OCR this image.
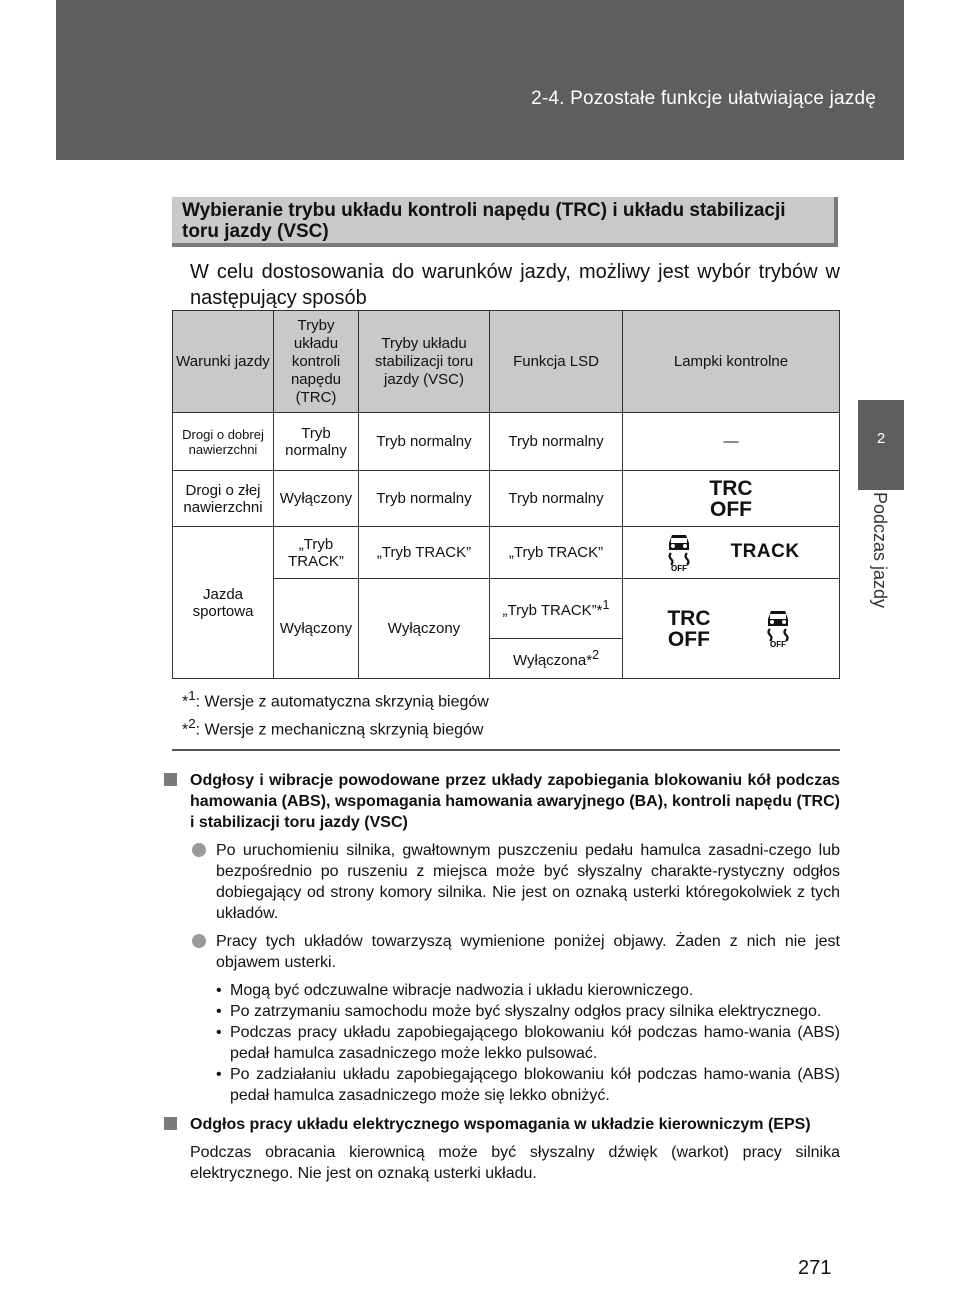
2-4. Pozostałe funkcje ułatwiające jazdę
2
Podczas jazdy
Wybieranie trybu układu kontroli napędu (TRC) i układu stabilizacji toru jazdy (VSC)
W celu dostosowania do warunków jazdy, możliwy jest wybór trybów w następujący sposób
Warunki jazdy	Tryby układu kontroli napędu (TRC)	Tryby układu stabilizacji toru jazdy (VSC)	Funkcja LSD	Lampki kontrolne
Drogi o dobrej nawierzchni	Tryb normalny	Tryb normalny	Tryb normalny	—
Drogi o złej nawierzchni	Wyłączony	Tryb normalny	Tryb normalny	TRC
OFF

Jazda sportowa	„Tryb TRACK”	„Tryb TRACK”	„Tryb TRACK”	OFF
TRACK
	Wyłączony	Wyłączony	„Tryb TRACK”*$^1$	TRC
OFF
OFF

			Wyłączona*$^2$
*$^1$: Wersje z automatyczna skrzynią biegów
*$^2$: Wersje z mechaniczną skrzynią biegów
Odgłosy i wibracje powodowane przez układy zapobiegania blokowaniu kół podczas hamowania (ABS), wspomagania hamowania awaryjnego (BA), kontroli napędu (TRC) i stabilizacji toru jazdy (VSC)
Po uruchomieniu silnika, gwałtownym puszczeniu pedału hamulca zasadni-czego lub bezpośrednio po ruszeniu z miejsca może być słyszalny charakte-rystyczny odgłos dobiegający od strony komory silnika. Nie jest on oznaką usterki któregokolwiek z tych układów.
Pracy tych układów towarzyszą wymienione poniżej objawy. Żaden z nich nie jest objawem usterki.
• Mogą być odczuwalne wibracje nadwozia i układu kierowniczego.
• Po zatrzymaniu samochodu może być słyszalny odgłos pracy silnika elektrycznego.
• Podczas pracy układu zapobiegającego blokowaniu kół podczas hamo-wania (ABS) pedał hamulca zasadniczego może lekko pulsować.
• Po zadziałaniu układu zapobiegającego blokowaniu kół podczas hamo-wania (ABS) pedał hamulca zasadniczego może się lekko obniżyć.
Odgłos pracy układu elektrycznego wspomagania w układzie kierowniczym (EPS)
Podczas obracania kierownicą może być słyszalny dźwięk (warkot) pracy silnika elektrycznego. Nie jest on oznaką usterki układu.
271
